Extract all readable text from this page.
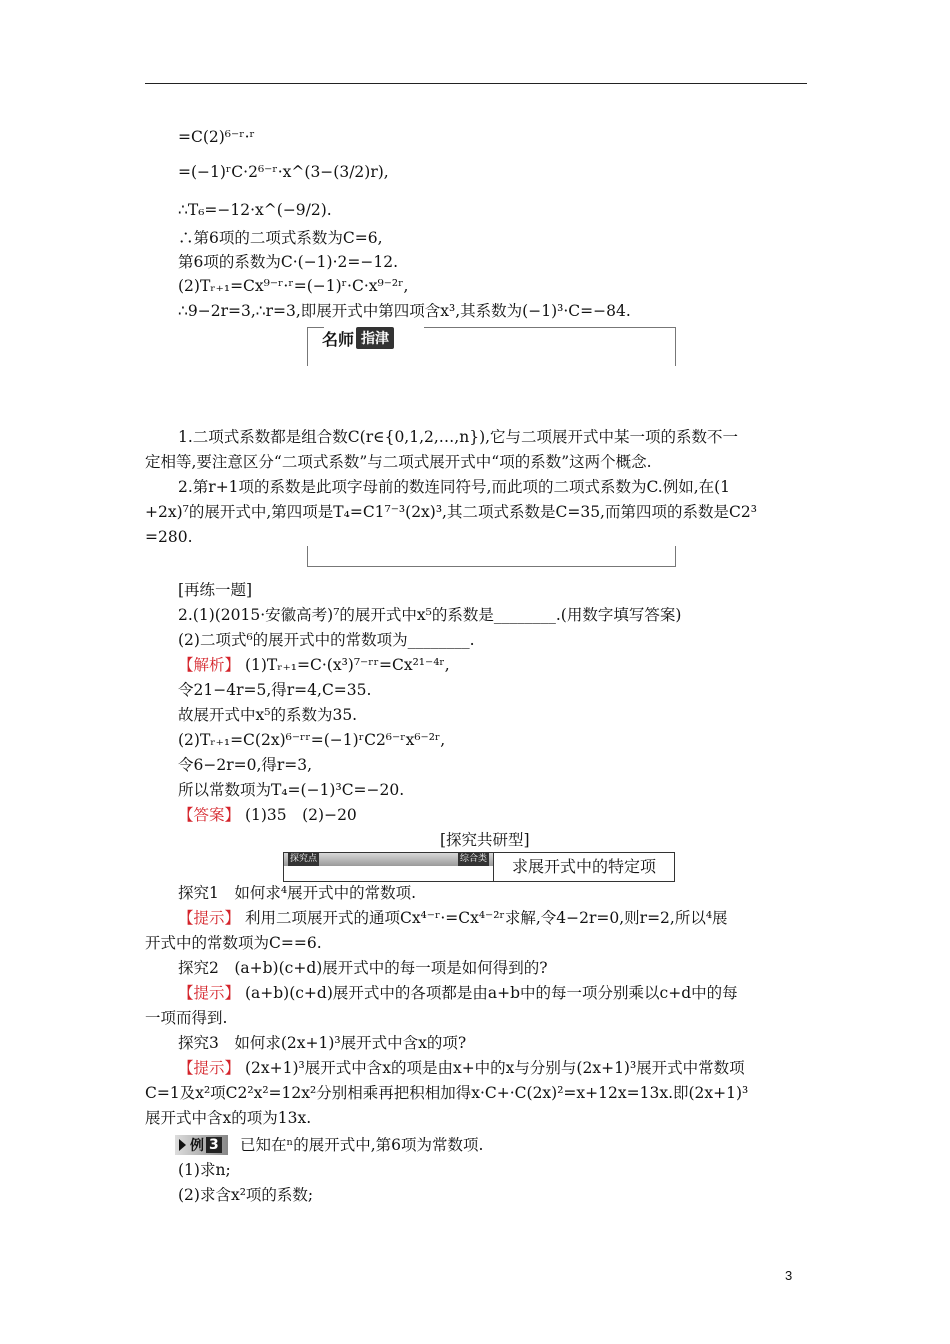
=C(2)⁶⁻ʳ·ʳ
=(−1)ʳC·2⁶⁻ʳ·x^(3−(3/2)r),
∴T₆=−12·x^(−9/2).
∴第6项的二项式系数为C=6,
第6项的系数为C·(−1)·2=−12.
(2)Tᵣ₊₁=Cx⁹⁻ʳ·ʳ=(−1)ʳ·C·x⁹⁻²ʳ,
∴9−2r=3,∴r=3,即展开式中第四项含x³,其系数为(−1)³·C=−84.
名师 指津
1.二项式系数都是组合数C(r∈{0,1,2,…,n}),它与二项展开式中某一项的系数不一
定相等,要注意区分“二项式系数”与二项式展开式中“项的系数”这两个概念.
2.第r+1项的系数是此项字母前的数连同符号,而此项的二项式系数为C.例如,在(1
+2x)⁷的展开式中,第四项是T₄=C1⁷⁻³(2x)³,其二项式系数是C=35,而第四项的系数是C2³
=280.
[再练一题]
2.(1)(2015·安徽高考)⁷的展开式中x⁵的系数是________.(用数字填写答案)
(2)二项式⁶的展开式中的常数项为________.
【解析】 (1)Tᵣ₊₁=C·(x³)⁷⁻ʳʳ=Cx²¹⁻⁴ʳ,
令21−4r=5,得r=4,C=35.
故展开式中x⁵的系数为35.
(2)Tᵣ₊₁=C(2x)⁶⁻ʳʳ=(−1)ʳC2⁶⁻ʳx⁶⁻²ʳ,
令6−2r=0,得r=3,
所以常数项为T₄=(−1)³C=−20.
【答案】 (1)35　(2)−20
[探究共研型]
探究点	综合类	求展开式中的特定项
探究1　如何求⁴展开式中的常数项.
【提示】 利用二项展开式的通项Cx⁴⁻ʳ·=Cx⁴⁻²ʳ求解,令4−2r=0,则r=2,所以⁴展
开式中的常数项为C==6.
探究2　(a+b)(c+d)展开式中的每一项是如何得到的?
【提示】 (a+b)(c+d)展开式中的各项都是由a+b中的每一项分别乘以c+d中的每
一项而得到.
探究3　如何求(2x+1)³展开式中含x的项?
【提示】 (2x+1)³展开式中含x的项是由x+中的x与分别与(2x+1)³展开式中常数项
C=1及x²项C2²x²=12x²分别相乘再把积相加得x·C+·C(2x)²=x+12x=13x.即(2x+1)³
展开式中含x的项为13x.
例 3 已知在ⁿ的展开式中,第6项为常数项.
(1)求n;
(2)求含x²项的系数;
3
